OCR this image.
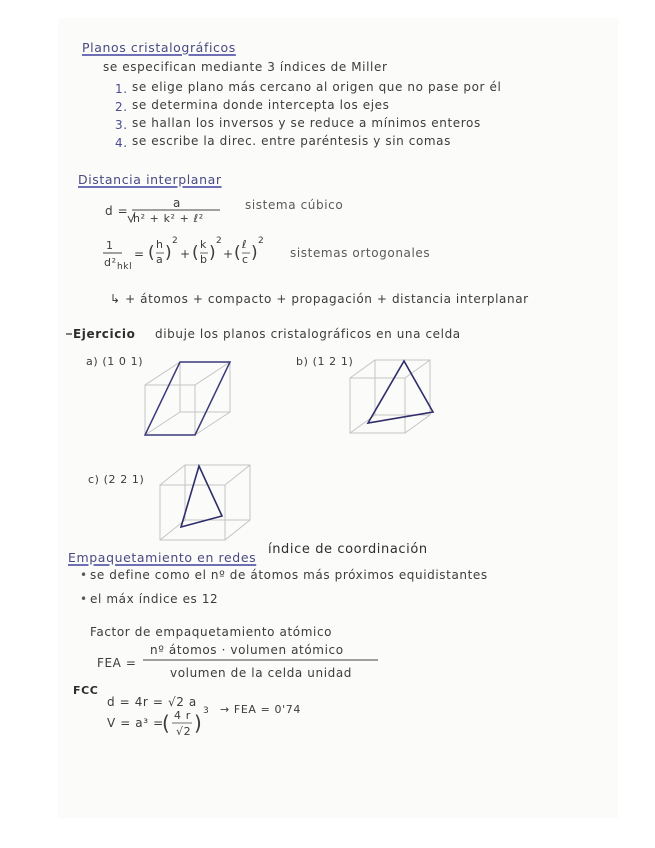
Planos cristalográficos
se especifican mediante 3 índices de Miller
1. se elige plano más cercano al origen que no pase por él
2. se determina donde intercepta los ejes
3. se hallan los inversos y se reduce a mínimos enteros
4. se escribe la direc. entre paréntesis y sin comas
Distancia interplanar
d =
a
h² + k² + ℓ²
sistema cúbico
1
d² hkl
= ( h
a )
2
+ ( k
b )
2
+ ( ℓ
c )
2
sistemas ortogonales
↳ + átomos + compacto + propagación + distancia interplanar
Ejercicio dibuje los planos cristalográficos en una celda
a) (1 0 1)	b) (1 2 1)
c) (2 2 1)
Empaquetamiento en redes
índice de coordinación
• se define como el nº de átomos más próximos equidistantes
• el máx índice es 12
Factor de empaquetamiento atómico
FEA =
nº átomos · volumen atómico
volumen de la celda unidad
FCC
d = 4r = √2 a
V = a³ =
( 4 r
√2 ) 3 → FEA = 0'74
